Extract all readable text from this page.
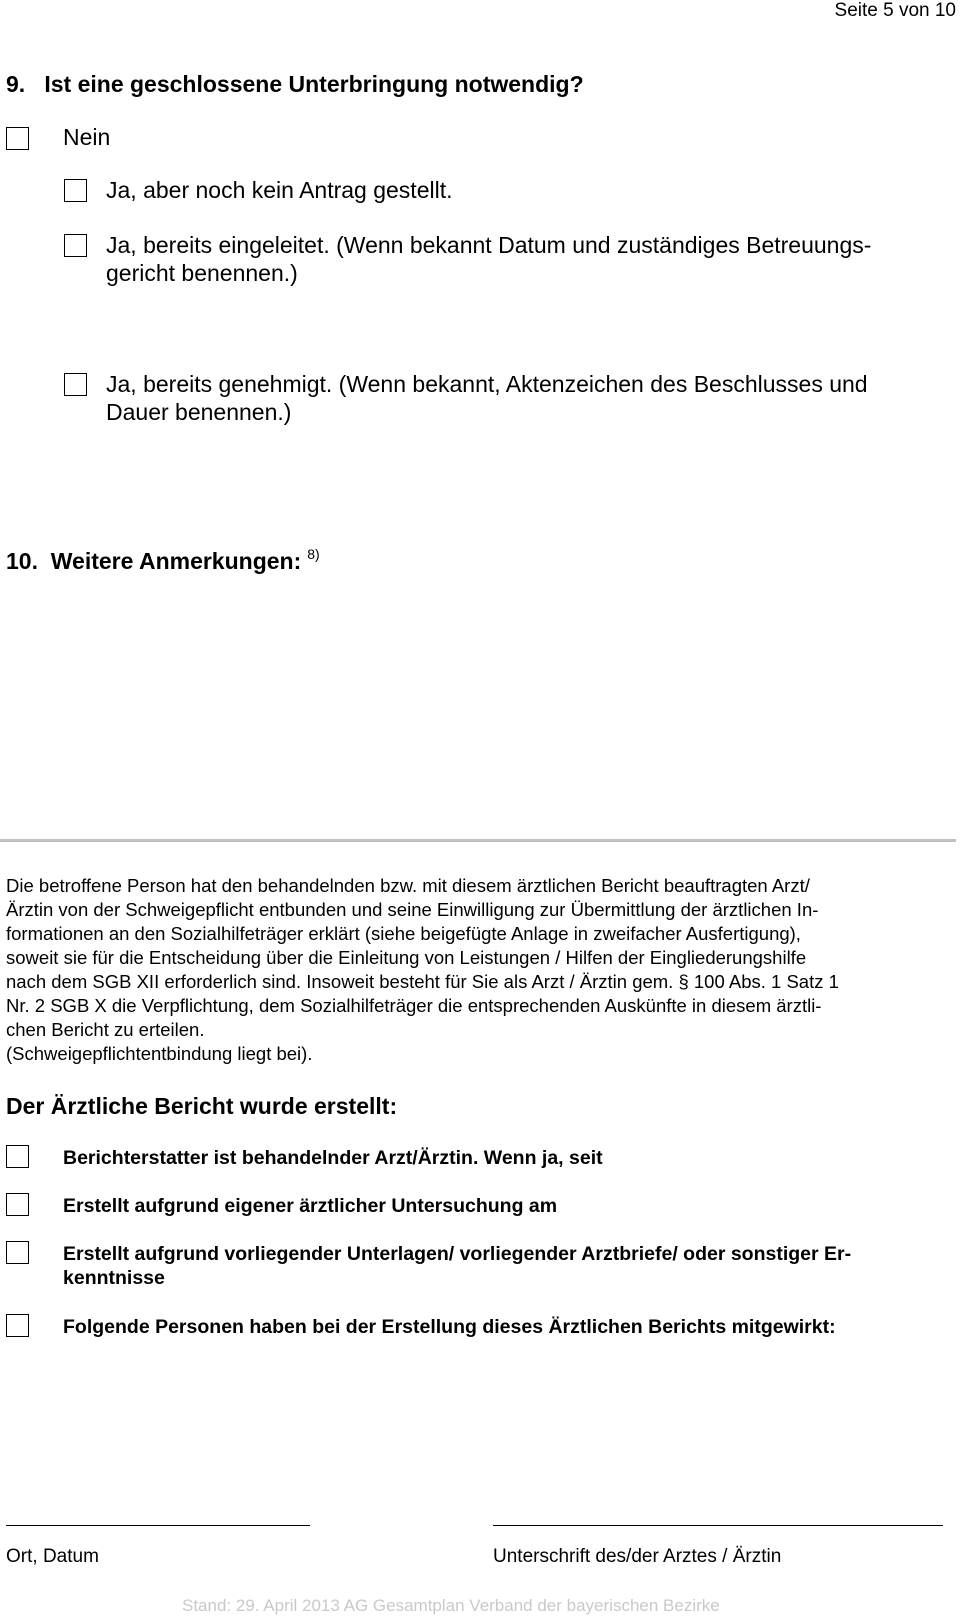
Seite 5 von 10
9.   Ist eine geschlossene Unterbringung notwendig?
Nein
Ja, aber noch kein Antrag gestellt.
Ja, bereits eingeleitet. (Wenn bekannt Datum und zuständiges Betreuungs-
gericht benennen.)
Ja, bereits genehmigt. (Wenn bekannt, Aktenzeichen des Beschlusses und
Dauer benennen.)
10.  Weitere Anmerkungen: $^{8)}$
Die betroffene Person hat den behandelnden bzw. mit diesem ärztlichen Bericht beauftragten Arzt/
Ärztin von der Schweigepflicht entbunden und seine Einwilligung zur Übermittlung der ärztlichen In-
formationen an den Sozialhilfeträger erklärt (siehe beigefügte Anlage in zweifacher Ausfertigung),
soweit sie für die Entscheidung über die Einleitung von Leistungen / Hilfen der Eingliederungshilfe
nach dem SGB XII erforderlich sind. Insoweit besteht für Sie als Arzt / Ärztin gem. § 100 Abs. 1 Satz 1
Nr. 2 SGB X die Verpflichtung, dem Sozialhilfeträger die entsprechenden Auskünfte in diesem ärztli-
chen Bericht zu erteilen.
(Schweigepflichtentbindung liegt bei).
Der Ärztliche Bericht wurde erstellt:
Berichterstatter ist behandelnder Arzt/Ärztin. Wenn ja, seit
Erstellt aufgrund eigener ärztlicher Untersuchung am
Erstellt aufgrund vorliegender Unterlagen/ vorliegender Arztbriefe/ oder sonstiger Er-
kenntnisse
Folgende Personen haben bei der Erstellung dieses Ärztlichen Berichts mitgewirkt:
Ort, Datum	Unterschrift des/der Arztes / Ärztin
Stand: 29. April 2013 AG Gesamtplan Verband der bayerischen Bezirke
